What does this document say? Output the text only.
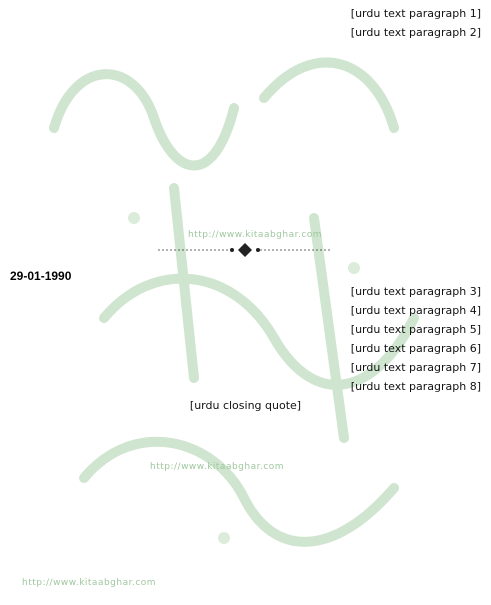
[urdu text paragraph 1]

[urdu text paragraph 2]

http://www.kitaabghar.com
http://www.kitaabghar.com
http://www.kitaabghar.com
29-01-1990

[urdu text paragraph 3]

[urdu text paragraph 4]

[urdu text paragraph 5]

[urdu text paragraph 6]

[urdu text paragraph 7]

[urdu text paragraph 8]

[urdu closing quote]
